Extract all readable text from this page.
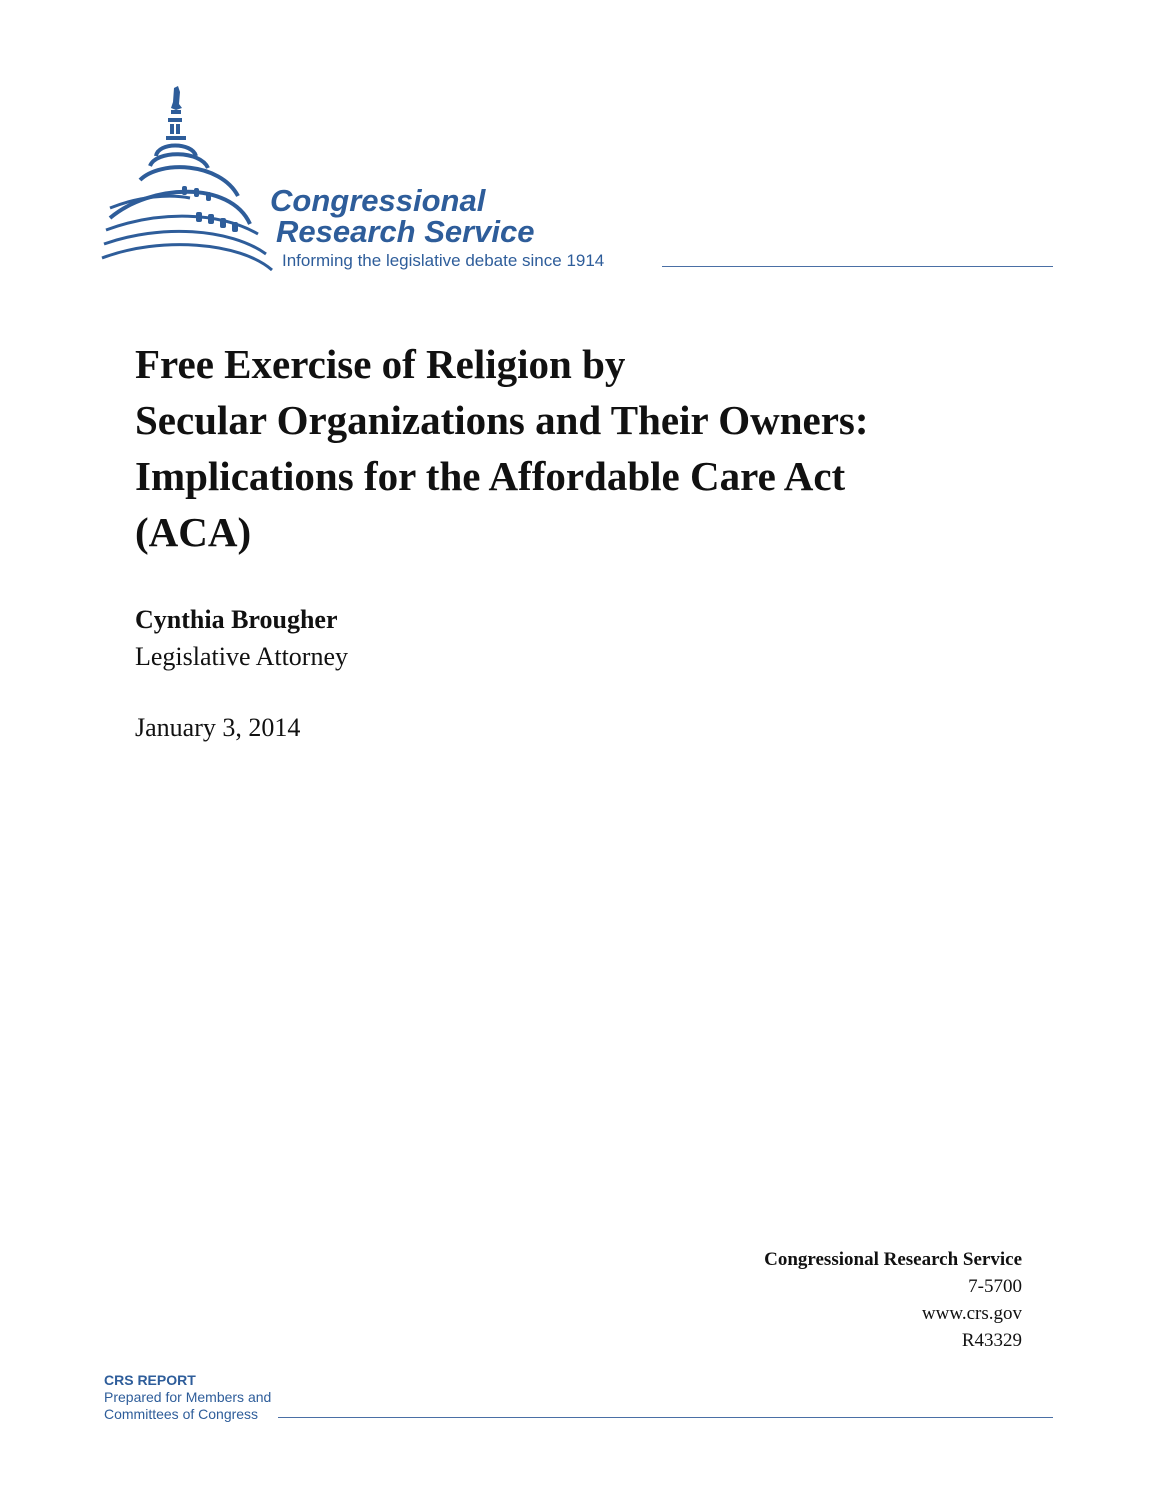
Congressional
Research Service
Informing the legislative debate since 1914
Free Exercise of Religion by
Secular Organizations and Their Owners:
Implications for the Affordable Care Act
(ACA)
Cynthia Brougher
Legislative Attorney
January 3, 2014
Congressional Research Service
7-5700
www.crs.gov
R43329
CRS REPORT
Prepared for Members and
Committees of Congress
